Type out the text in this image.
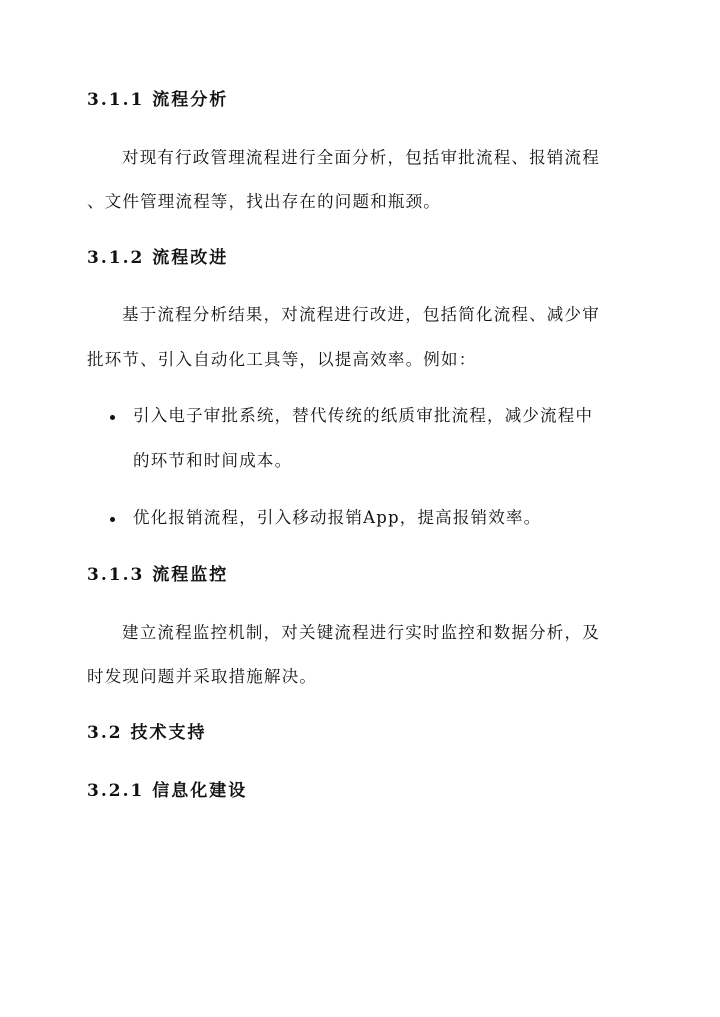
3.1.1 流程分析
对现有行政管理流程进行全面分析，包括审批流程、报销流程
、文件管理流程等，找出存在的问题和瓶颈。
3.1.2 流程改进
基于流程分析结果，对流程进行改进，包括简化流程、减少审
批环节、引入自动化工具等，以提高效率。例如：
引入电子审批系统，替代传统的纸质审批流程，减少流程中
的环节和时间成本。
优化报销流程，引入移动报销App，提高报销效率。
3.1.3 流程监控
建立流程监控机制，对关键流程进行实时监控和数据分析，及
时发现问题并采取措施解决。
3.2 技术支持
3.2.1 信息化建设
